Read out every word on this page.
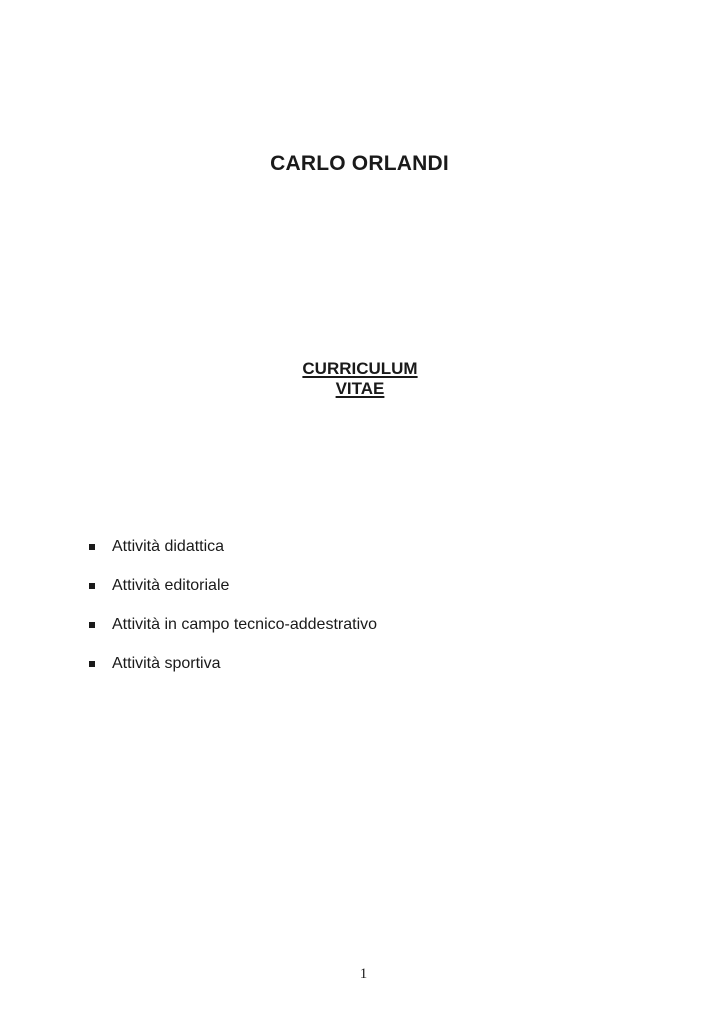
CARLO ORLANDI
CURRICULUM
VITAE
Attività didattica
Attività editoriale
Attività in campo tecnico-addestrativo
Attività sportiva
1
